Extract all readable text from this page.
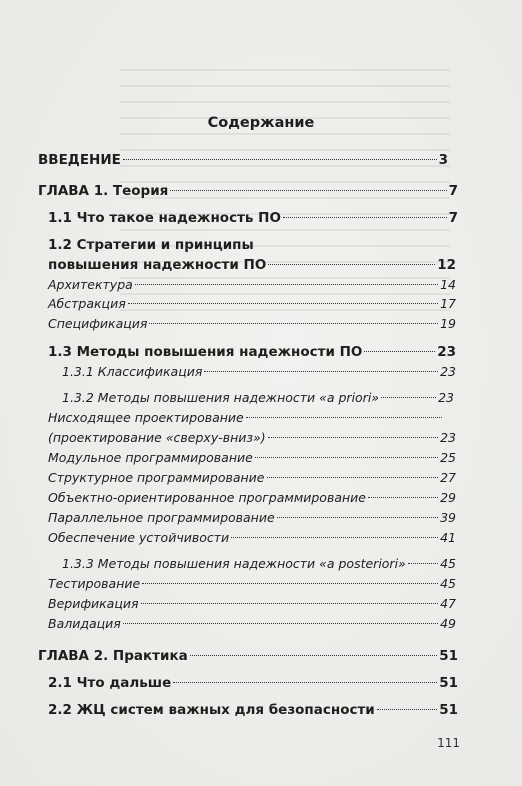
Содержание
ВВЕДЕНИЕ	3
ГЛАВА 1. Теория	7
1.1 Что такое надежность ПО	7
1.2 Стратегии и принципы
повышения надежности ПО	12
Архитектура	14
Абстракция	17
Спецификация	19
1.3 Методы повышения надежности ПО	23
1.3.1 Классификация	23
1.3.2 Методы повышения надежности «a priori»	23
Нисходящее проектирование
(проектирование «сверху-вниз»)	23
Модульное программирование	25
Структурное программирование	27
Объектно-ориентированное программирование	29
Параллельное программирование	39
Обеспечение устойчивости	41
1.3.3 Методы повышения надежности «a posteriori»	45
Тестирование	45
Верификация	47
Валидация	49
ГЛАВА 2. Практика	51
2.1 Что дальше	51
2.2 ЖЦ систем важных для безопасности	51
111
